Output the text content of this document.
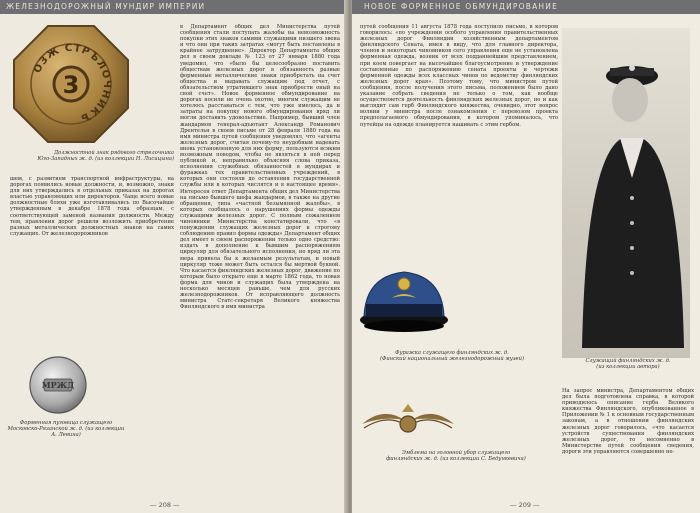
ЖЕЛЕЗНОДОРОЖНЫЙ МУНДИР ИМПЕРИИ
3
ОЗЖ СТРЪЛОЧНИКЪ
Должностной знак рядового стрелочника
Юго-Западных ж. д. (из коллекции Н. Лисицына)
шем, с развитием транспортной инфраструктуры, на дорогах появились новые должности, и, возможно, знаки для них утверждались в отдельных приказах на дорогах властью управляющих или директоров. Чаще всего новые должностные бляхи уже изготавливались по Высочайше утвержденным в декабре 1878 года образцам, с соответствующей заменой названия должности. Между тем, правления дорог решили возложить приобретение разных металлических должностных знаков на самих служащих. От железнодорожников
МРЖД
Форменная пуговица служащего
Московско-Рязанской ж. д. (из коллекции А. Левина)
в Департамент общих дел Министерства путей сообщения стали поступать жалобы на невозможность покупки этих знаков самими служащими низшего звена и что они при таких затратах «могут быть поставлены в крайнее затруднение». Директор Департамента общих дел в своем докладе № 123 от 27 января 1880 года уведомил, что «было бы целесообразно поставить обществам железных дорог в обязанность разные форменные металлические знаки приобретать на счет общества и выдавать служащим под отчет, с обязательством утратившего знак приобрести оный на свой счет». Новое форменное обмундирование на дорогах носили не очень охотно, многим служащим не хотелось расставаться с тем, что уже имелось, да и затраты на покупку нового обмундирования вряд ли могли доставить удовольствие. Например, бывший член жандармов генерал-адъютант Александр Романович Дрентельн в своем письме от 28 февраля 1880 года на имя министра путей сообщения уведомлял, что «агенты железных дорог, считая почему-то неудобным надевать вновь установленную для них форму, пользуются всяким возможным поводом, чтобы не являться в ней перед публикой и, неправильно объясняя слова приказа, исполнения служебных обязанностей в мундирах и фуражках тех правительственных учреждений, в которых они состояли до оставления государственной службы или в которых числятся и в настоящее время». Интересен ответ Департамента общих дел Министерства на письмо бывшего шефа жандармов, в также на другие обращения, типа «частной безымянной жалобы», в которых сообщалось о нарушениях формы одежды служащими железных дорог. С полным сожалением чиновники Министерства констатировали, что «в понуждении служащих железных дорог к строгому соблюдению правил формы одежды» Департамент общих дел имеет в своем распоряжении только одно средство: издать в дополнение к бывшим распоряжениям циркуляр для обязательного исполнения, но вряд ли эта мера привела бы к желаемым результатам, и новый циркуляр тоже может быть остался бы мертвой буквой. Что касается финляндских железных дорог, движение по которым было открыто еще в марте 1862 года, то новая форма для чинов и служащих была утверждена на несколько месяцев раньше, чем для русских железнодорожников. От исправляющего должность министра Статс-секретаря Великого княжества Финляндского в имя министра
— 208 —
НОВОЕ ФОРМЕННОЕ ОБМУНДИРОВАНИЕ
путей сообщения 11 августа 1878 года поступило письмо, в котором говорилось: «по учреждении особого управления правительственных железных дорог Финляндии хозяйственным департаментом финляндского Сената, имея в виду, что для главного директора, членов и некоторых чиновников сего управления еще не установлена форменная одежда, возник от всех подданнейшим представлением, при коем повергает на высочайшее благоусмотрение и утверждение составленные по распоряжению сената проекты и чертежи форменной одежды всех классных чинов по ведомству финляндских железных дорог края». Поэтому тому, что министром путей сообщения, после получения этого письма, положением было дано указание собрать сведения не только о том, как вообще осуществляется деятельность финляндских железных дорог, но и как выглядит сам герб Финляндского княжества, очевидно, этот вопрос волнии у министра после ознакомления с перевозом проекта предполагаемого обмундирования, в котором упоминалось, что путейцы на одежде планируется нашивать с этим гербом.
Фуражка служащего финляндских ж. д.
(Финский национальный железнодорожный музей)
Эмблема на головной убор служащего
финляндских ж. д. (из коллекции С. Бедункевича)
Служащий финляндских ж. д.
(из коллекции автора)
На запрос министра, Департаментом общих дел была подготовлена справка, в которой приводилось описание герба Великого княжества Финляндского, опубликованное в Приложении № 1 к основным государственным законам, а в отношении финляндских железных дорог говорилось, «что касается устройств существования финляндских железных дорог, то несомненно в Министерстве путей сообщения сведения, дороги эти управляются совершенно не-
— 209 —
